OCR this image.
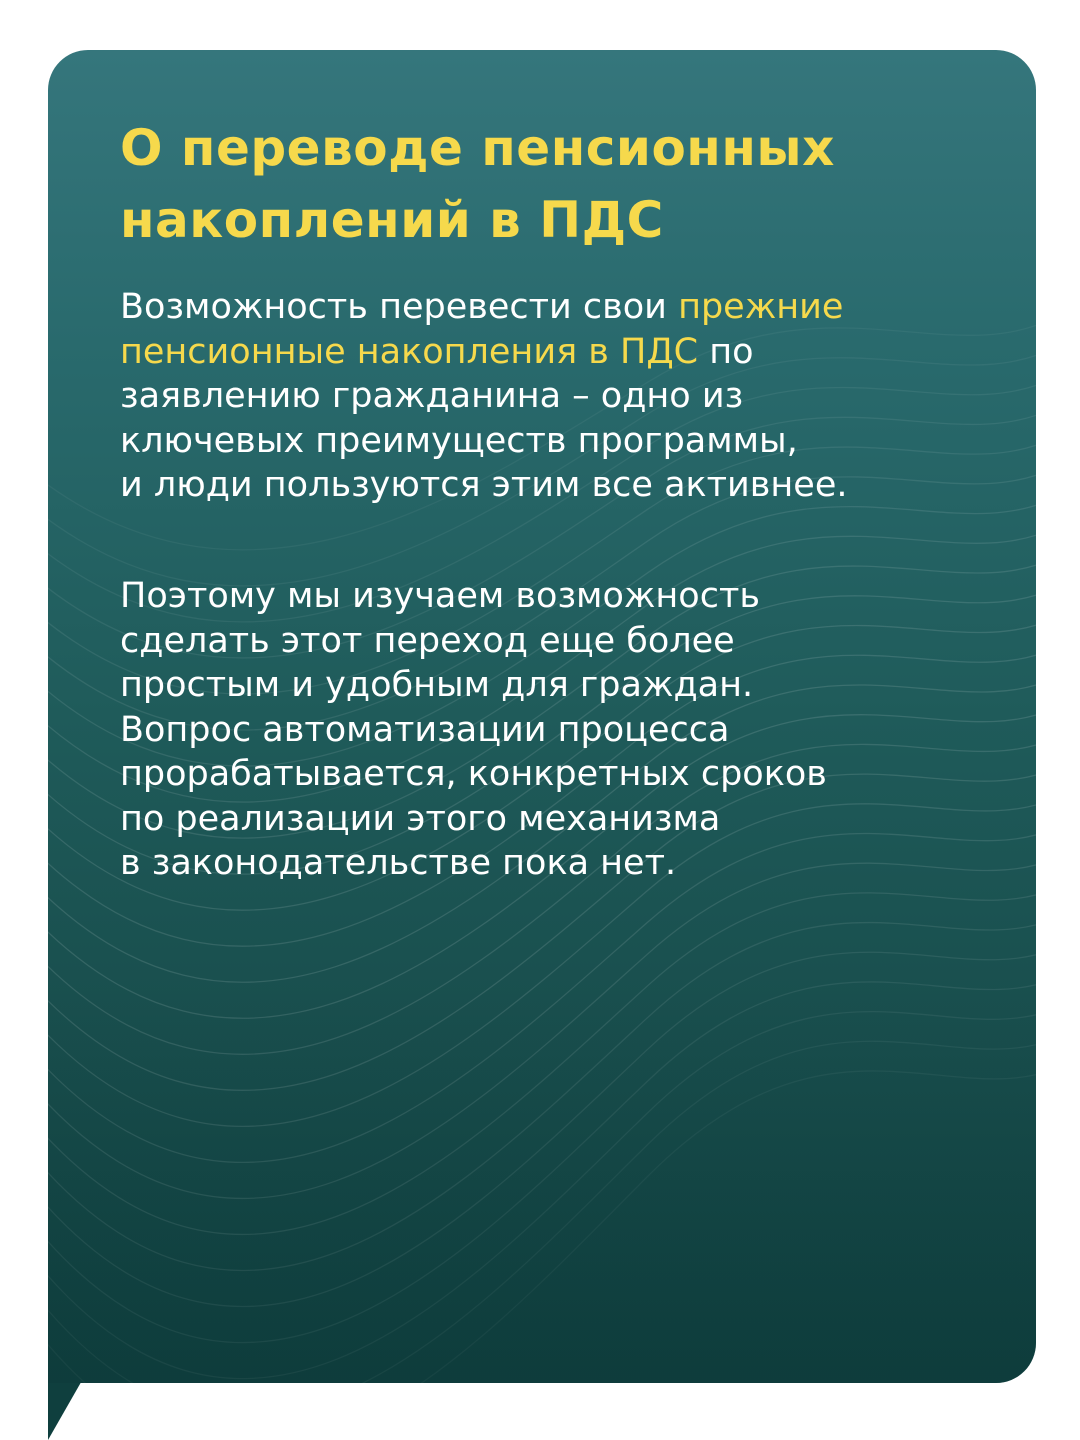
О переводе пенсионных
накоплений в ПДС

Возможность перевести свои прежние
пенсионные накопления в ПДС по
заявлению гражданина – одно из
ключевых преимуществ программы,
и люди пользуются этим все активнее.

Поэтому мы изучаем возможность
сделать этот переход еще более
простым и удобным для граждан.
Вопрос автоматизации процесса
прорабатывается, конкретных сроков
по реализации этого механизма
в законодательстве пока нет.
